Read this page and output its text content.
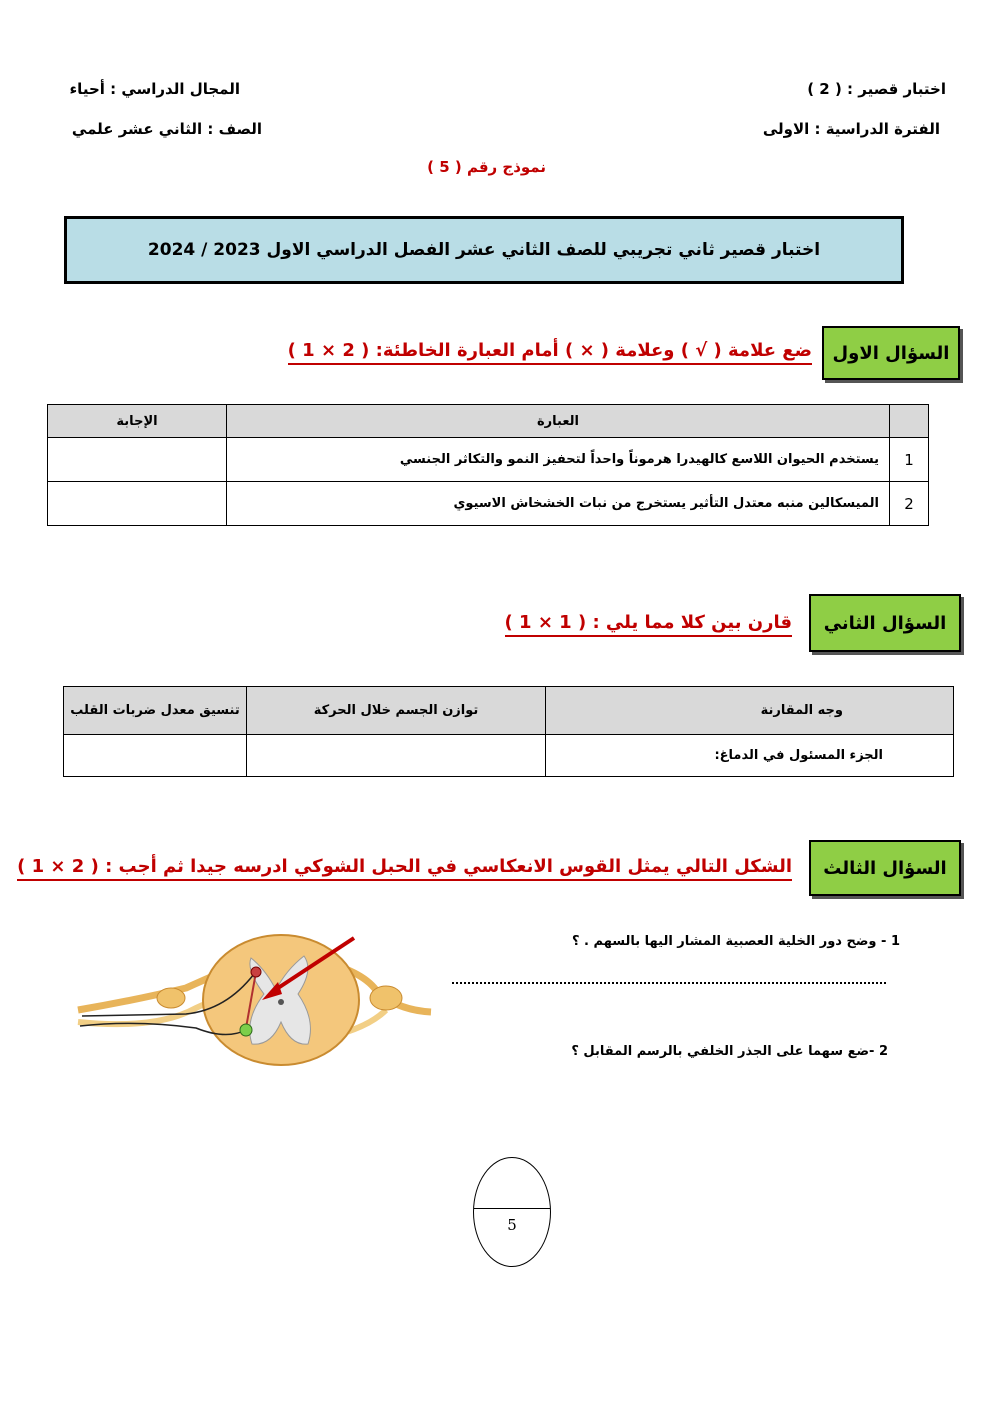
اختبار قصير : ( 2 )
المجال الدراسي : أحياء
الفترة الدراسية : الاولى
الصف : الثاني عشر علمي
نموذج رقم ( 5 )
اختبار قصير ثاني تجريبي للصف الثاني عشر الفصل الدراسي الاول 2023 / 2024
السؤال الاول
ضع علامة ( √ ) وعلامة ( × ) أمام العبارة الخاطئة: ( 2 × 1 )
	العبارة	الإجابة
1	يستخدم الحيوان اللاسع كالهيدرا هرموناً واحداً لتحفيز النمو والتكاثر الجنسي	
2	الميسكالين منبه معتدل التأثير يستخرج من نبات الخشخاش الاسيوي	
السؤال الثاني
قارن بين كلا مما يلي : ( 1 × 1 )
وجه المقارنة	توازن الجسم خلال الحركة	تنسيق معدل ضربات القلب
الجزء المسئول في الدماغ:		
السؤال الثالث
الشكل التالي يمثل القوس الانعكاسي في الحبل الشوكي ادرسه جيدا ثم أجب : ( 2 × 1 )
1 - وضح دور الخلية العصبية المشار اليها بالسهم . ؟
2 -ضع سهما على الجذر الخلفي بالرسم المقابل ؟
5
